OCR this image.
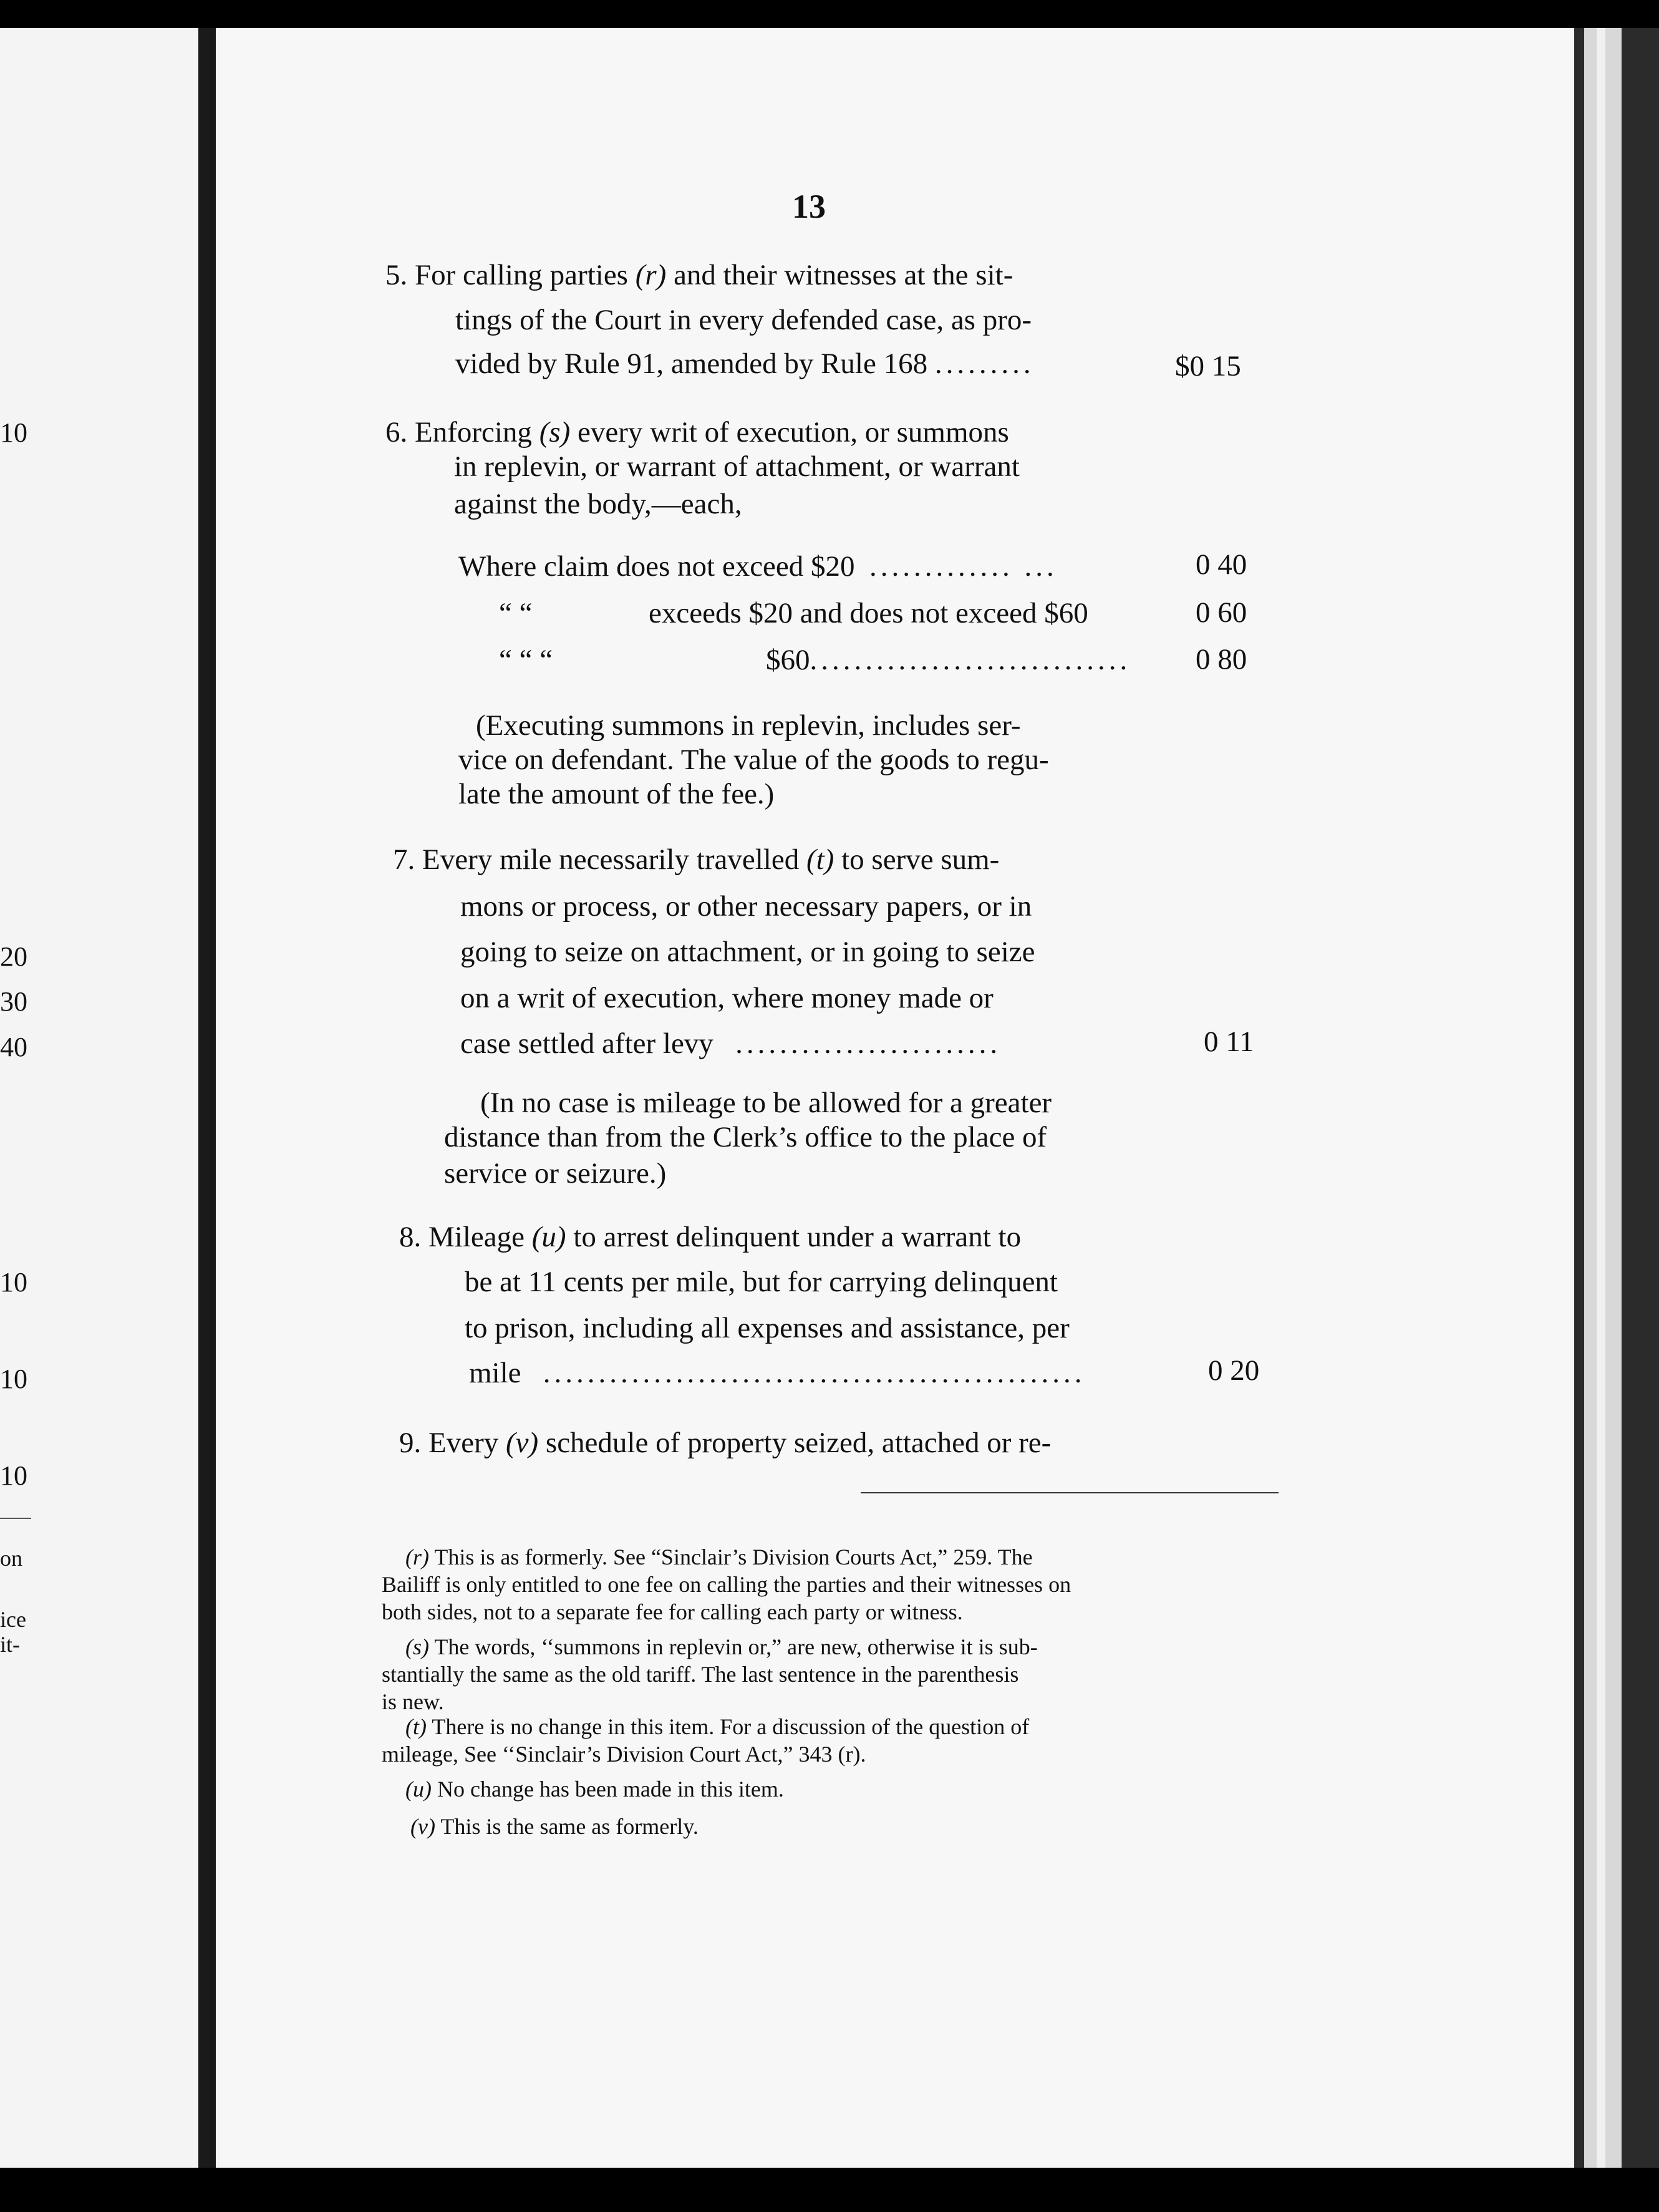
10
20
30
40
10
10
10
on
ice
it-
13
5. For calling parties (r) and their witnesses at the sit-
tings of the Court in every defended case, as pro-
vided by Rule 91, amended by Rule 168 .........	$0 15
6. Enforcing (s) every writ of execution, or summons
in replevin, or warrant of attachment, or warrant
against the body,—each,
Where claim does not exceed $20 ............. ...	0 40
“ “	exceeds $20 and does not exceed $60	0 60
“ “ “	$60............................. 0 80
(Executing summons in replevin, includes ser-
vice on defendant. The value of the goods to regu-
late the amount of the fee.)
7. Every mile necessarily travelled (t) to serve sum-
mons or process, or other necessary papers, or in
going to seize on attachment, or in going to seize
on a writ of execution, where money made or
case settled after levy ........................	0 11
(In no case is mileage to be allowed for a greater
distance than from the Clerk’s office to the place of
service or seizure.)
8. Mileage (u) to arrest delinquent under a warrant to
be at 11 cents per mile, but for carrying delinquent
to prison, including all expenses and assistance, per
mile .................................................	0 20
9. Every (v) schedule of property seized, attached or re-
(r) This is as formerly. See “Sinclair’s Division Courts Act,” 259. The
Bailiff is only entitled to one fee on calling the parties and their witnesses on
both sides, not to a separate fee for calling each party or witness.
(s) The words, ‘‘summons in replevin or,” are new, otherwise it is sub-
stantially the same as the old tariff. The last sentence in the parenthesis
is new.
(t) There is no change in this item. For a discussion of the question of
mileage, See ‘‘Sinclair’s Division Court Act,” 343 (r).
(u) No change has been made in this item.
(v) This is the same as formerly.
